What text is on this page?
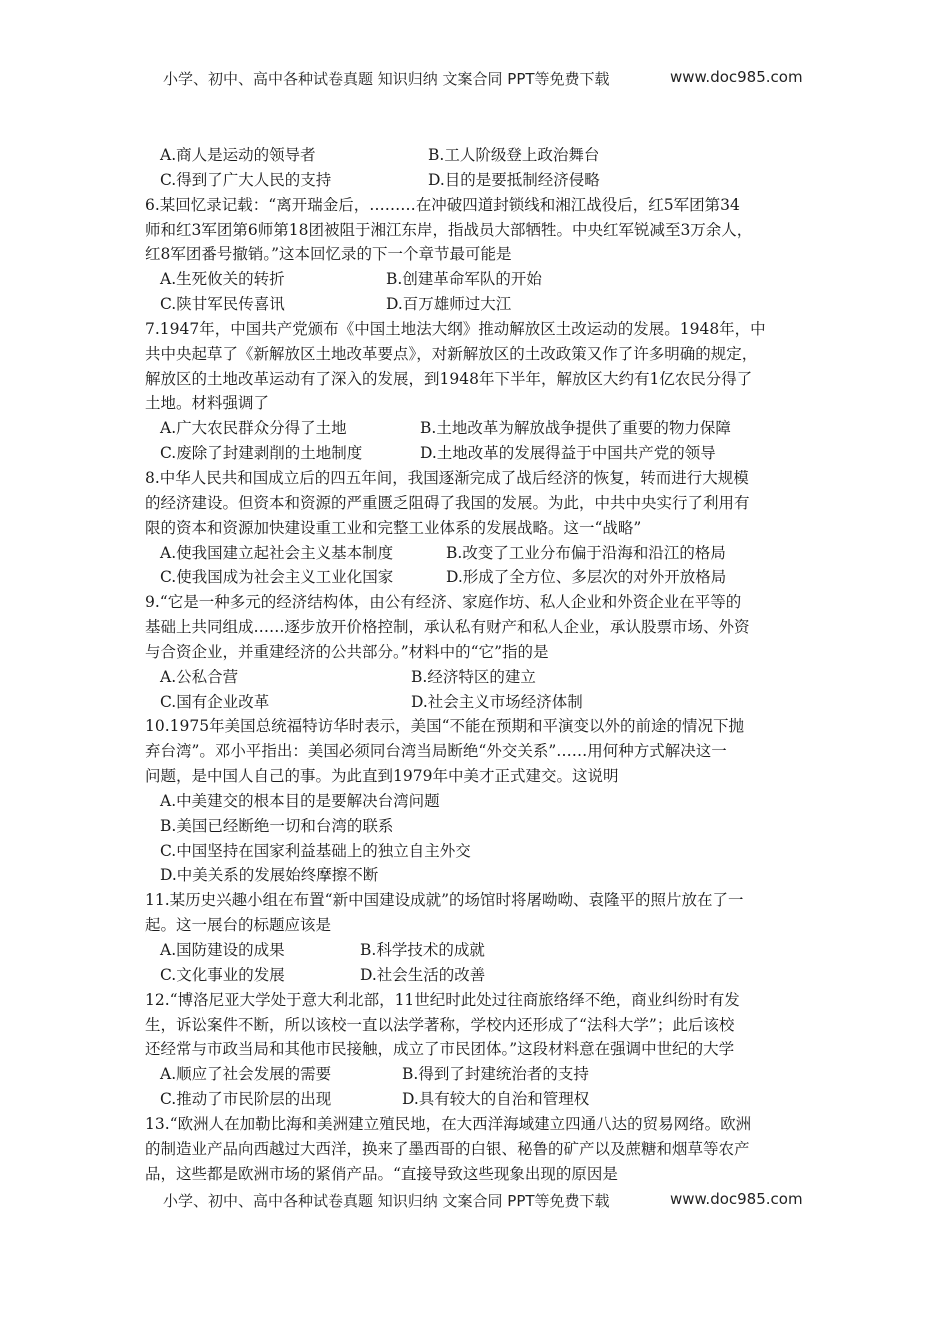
小学、初中、高中各种试卷真题 知识归纳 文案合同 PPT等免费下载	www.doc985.com
A.商人是运动的领导者	B.工人阶级登上政治舞台
C.得到了广大人民的支持	D.目的是要抵制经济侵略
6.某回忆录记载：“离开瑞金后，………在冲破四道封锁线和湘江战役后，红5军团第34
师和红3军团第6师第18团被阻于湘江东岸，指战员大部牺牲。中央红军锐减至3万余人，
红8军团番号撤销。”这本回忆录的下一个章节最可能是
A.生死攸关的转折	B.创建革命军队的开始
C.陕甘军民传喜讯	D.百万雄师过大江
7.1947年，中国共产党颁布《中国土地法大纲》推动解放区土改运动的发展。1948年，中
共中央起草了《新解放区土地改革要点》，对新解放区的土改政策又作了许多明确的规定，
解放区的土地改革运动有了深入的发展，到1948年下半年，解放区大约有1亿农民分得了
土地。材料强调了
A.广大农民群众分得了土地	B.土地改革为解放战争提供了重要的物力保障
C.废除了封建剥削的土地制度	D.土地改革的发展得益于中国共产党的领导
8.中华人民共和国成立后的四五年间，我国逐渐完成了战后经济的恢复，转而进行大规模
的经济建设。但资本和资源的严重匮乏阻碍了我国的发展。为此，中共中央实行了利用有
限的资本和资源加快建设重工业和完整工业体系的发展战略。这一“战略”
A.使我国建立起社会主义基本制度	B.改变了工业分布偏于沿海和沿江的格局
C.使我国成为社会主义工业化国家	D.形成了全方位、多层次的对外开放格局
9.“它是一种多元的经济结构体，由公有经济、家庭作坊、私人企业和外资企业在平等的
基础上共同组成……逐步放开价格控制，承认私有财产和私人企业，承认股票市场、外资
与合资企业，并重建经济的公共部分。”材料中的“它”指的是
A.公私合营	B.经济特区的建立
C.国有企业改革	D.社会主义市场经济体制
10.1975年美国总统福特访华时表示，美国“不能在预期和平演变以外的前途的情况下抛
弃台湾”。邓小平指出：美国必须同台湾当局断绝“外交关系”……用何种方式解决这一
问题，是中国人自己的事。为此直到1979年中美才正式建交。这说明
A.中美建交的根本目的是要解决台湾问题
B.美国已经断绝一切和台湾的联系
C.中国坚持在国家利益基础上的独立自主外交
D.中美关系的发展始终摩擦不断
11.某历史兴趣小组在布置“新中国建设成就”的场馆时将屠呦呦、袁隆平的照片放在了一
起。这一展台的标题应该是
A.国防建设的成果	B.科学技术的成就
C.文化事业的发展	D.社会生活的改善
12.“博洛尼亚大学处于意大利北部，11世纪时此处过往商旅络绎不绝，商业纠纷时有发
生，诉讼案件不断，所以该校一直以法学著称，学校内还形成了“法科大学”；此后该校
还经常与市政当局和其他市民接触，成立了市民团体。”这段材料意在强调中世纪的大学
A.顺应了社会发展的需要	B.得到了封建统治者的支持
C.推动了市民阶层的出现	D.具有较大的自治和管理权
13.“欧洲人在加勒比海和美洲建立殖民地，在大西洋海域建立四通八达的贸易网络。欧洲
的制造业产品向西越过大西洋，换来了墨西哥的白银、秘鲁的矿产以及蔗糖和烟草等农产
品，这些都是欧洲市场的紧俏产品。“直接导致这些现象出现的原因是
小学、初中、高中各种试卷真题 知识归纳 文案合同 PPT等免费下载	www.doc985.com
